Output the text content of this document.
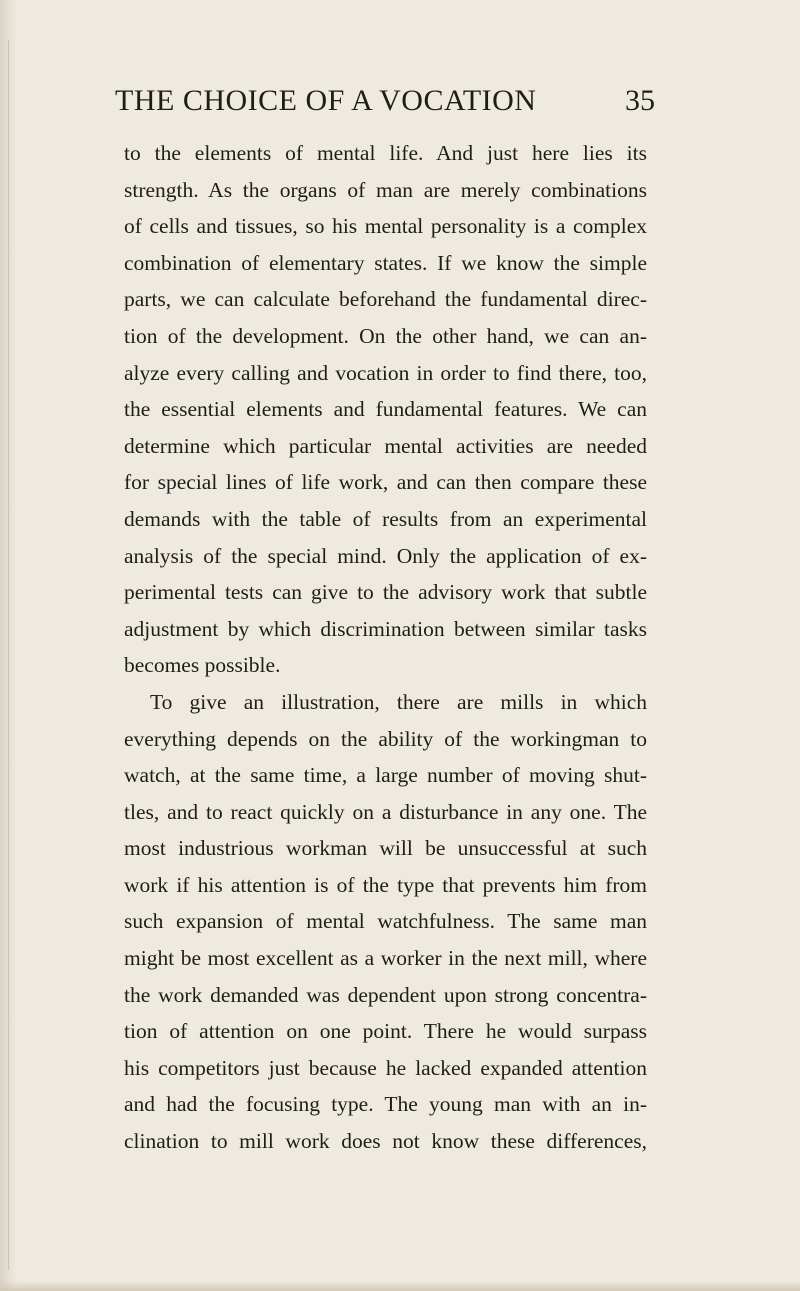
THE CHOICE OF A VOCATION	35
to the elements of mental life. And just here lies its
strength. As the organs of man are merely combinations
of cells and tissues, so his mental personality is a complex
combination of elementary states. If we know the simple
parts, we can calculate beforehand the fundamental direc-
tion of the development. On the other hand, we can an-
alyze every calling and vocation in order to find there, too,
the essential elements and fundamental features. We can
determine which particular mental activities are needed
for special lines of life work, and can then compare these
demands with the table of results from an experimental
analysis of the special mind. Only the application of ex-
perimental tests can give to the advisory work that subtle
adjustment by which discrimination between similar tasks
becomes possible.
To give an illustration, there are mills in which
everything depends on the ability of the workingman to
watch, at the same time, a large number of moving shut-
tles, and to react quickly on a disturbance in any one. The
most industrious workman will be unsuccessful at such
work if his attention is of the type that prevents him from
such expansion of mental watchfulness. The same man
might be most excellent as a worker in the next mill, where
the work demanded was dependent upon strong concentra-
tion of attention on one point. There he would surpass
his competitors just because he lacked expanded attention
and had the focusing type. The young man with an in-
clination to mill work does not know these differences,
